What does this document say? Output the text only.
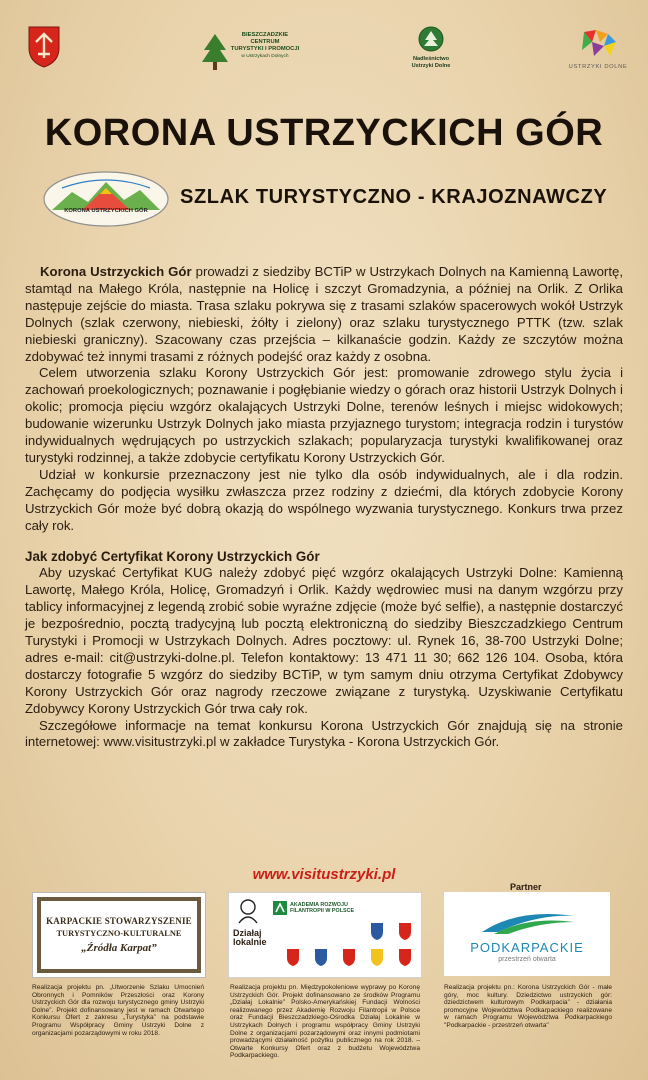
BIESZCZADZKIE
CENTRUM
TURYSTYKI I PROMOCJI
w Ustrzykach Dolnych	Nadleśnictwo
Ustrzyki Dolne	USTRZYKI DOLNE
KORONA USTRZYCKICH GÓR
KORONA USTRZYCKICH GÓR
SZLAK TURYSTYCZNO - KRAJOZNAWCZY

Korona Ustrzyckich Gór prowadzi z siedziby BCTiP w Ustrzykach Dolnych na Kamienną Lawortę, stamtąd na Małego Króla, następnie na Holicę i szczyt Gromadzynia, a później na Orlik. Z Orlika następuje zejście do miasta. Trasa szlaku pokrywa się z trasami szlaków spacerowych wokół Ustrzyk Dolnych (szlak czerwony, niebieski, żółty i zielony) oraz szlaku turystycznego PTTK (tzw. szlak niebieski graniczny). Szacowany czas przejścia – kilkanaście godzin. Każdy ze szczytów można zdobywać też innymi trasami z różnych podejść oraz każdy z osobna.

Celem utworzenia szlaku Korony Ustrzyckich Gór jest: promowanie zdrowego stylu życia i zachowań proekologicznych; poznawanie i pogłębianie wiedzy o górach oraz historii Ustrzyk Dolnych i okolic; promocja pięciu wzgórz okalających Ustrzyki Dolne, terenów leśnych i miejsc widokowych; budowanie wizerunku Ustrzyk Dolnych jako miasta przyjaznego turystom; integracja rodzin i turystów indywidualnych wędrujących po ustrzyckich szlakach; popularyzacja turystyki kwalifikowanej oraz turystyki rodzinnej, a także zdobycie certyfikatu Korony Ustrzyckich Gór.

Udział w konkursie przeznaczony jest nie tylko dla osób indywidualnych, ale i dla rodzin. Zachęcamy do podjęcia wysiłku zwłaszcza przez rodziny z dziećmi, dla których zdobycie Korony Ustrzyckich Gór może być dobrą okazją do wspólnego wyzwania turystycznego. Konkurs trwa przez cały rok.

Jak zdobyć Certyfikat Korony Ustrzyckich Gór

Aby uzyskać Certyfikat KUG należy zdobyć pięć wzgórz okalających Ustrzyki Dolne: Kamienną Lawortę, Małego Króla, Holicę, Gromadzyń i Orlik. Każdy wędrowiec musi na danym wzgórzu przy tablicy informacyjnej z legendą zrobić sobie wyraźne zdjęcie (może być selfie), a następnie dostarczyć je bezpośrednio, pocztą tradycyjną lub pocztą elektroniczną do siedziby Bieszczadzkiego Centrum Turystyki i Promocji w Ustrzykach Dolnych. Adres pocztowy: ul. Rynek 16, 38-700 Ustrzyki Dolne; adres e-mail: cit@ustrzyki-dolne.pl. Telefon kontaktowy: 13 471 11 30; 662 126 104. Osoba, która dostarczy fotografie 5 wzgórz do siedziby BCTiP, w tym samym dniu otrzyma Certyfikat Zdobywcy Korony Ustrzyckich Gór oraz nagrody rzeczowe związane z turystyką. Uzyskiwanie Certyfikatu Zdobywcy Korony Ustrzyckich Gór trwa cały rok.

Szczegółowe informacje na temat konkursu Korona Ustrzyckich Gór znajdują się na stronie internetowej: www.visitustrzyki.pl w zakładce Turystyka - Korona Ustrzyckich Gór.

www.visitustrzyki.pl
Partner
KARPACKIE STOWARZYSZENIE
TURYSTYCZNO-KULTURALNE
„Źródła Karpat”
Działaj
lokalnie
AKADEMIA ROZWOJU
FILANTROPII W POLSCE
PODKARPACKIE
przestrzeń otwarta
Realizacja projektu pn. „Utworzenie Szlaku Umocnień Obronnych i Pomników Przeszłości oraz Korony Ustrzyckich Gór dla rozwoju turystycznego gminy Ustrzyki Dolne”. Projekt dofinansowany jest w ramach Otwartego Konkursu Ofert z zakresu „Turystyka” na podstawie Programu Współpracy Gminy Ustrzyki Dolne z organizacjami pozarządowymi w roku 2018.
Realizacja projektu pn. Międzypokoleniowe wyprawy po Koronę Ustrzyckich Gór. Projekt dofinansowano ze środków Programu „Działaj Lokalnie” Polsko-Amerykańskiej Fundacji Wolności realizowanego przez Akademię Rozwoju Filantropii w Polsce oraz Fundacji Bieszczadzkiego-Ośrodka Działaj Lokalnie w Ustrzykach Dolnych i programu współpracy Gminy Ustrzyki Dolne z organizacjami pozarządowymi oraz innymi podmiotami prowadzącymi działalność pożytku publicznego na rok 2018. – Otwarte Konkursy Ofert oraz z budżetu Województwa Podkarpackiego.
Realizacja projektu pn.: Korona Ustrzyckich Gór - małe góry, moc kultury. Dziedzictwo ustrzyckich gór: dziedzictwem kulturowym Podkarpacia” - działania promocyjne Województwa Podkarpackiego realizowane w ramach Programu Województwa Podkarpackiego "Podkarpackie - przestrzeń otwarta"
